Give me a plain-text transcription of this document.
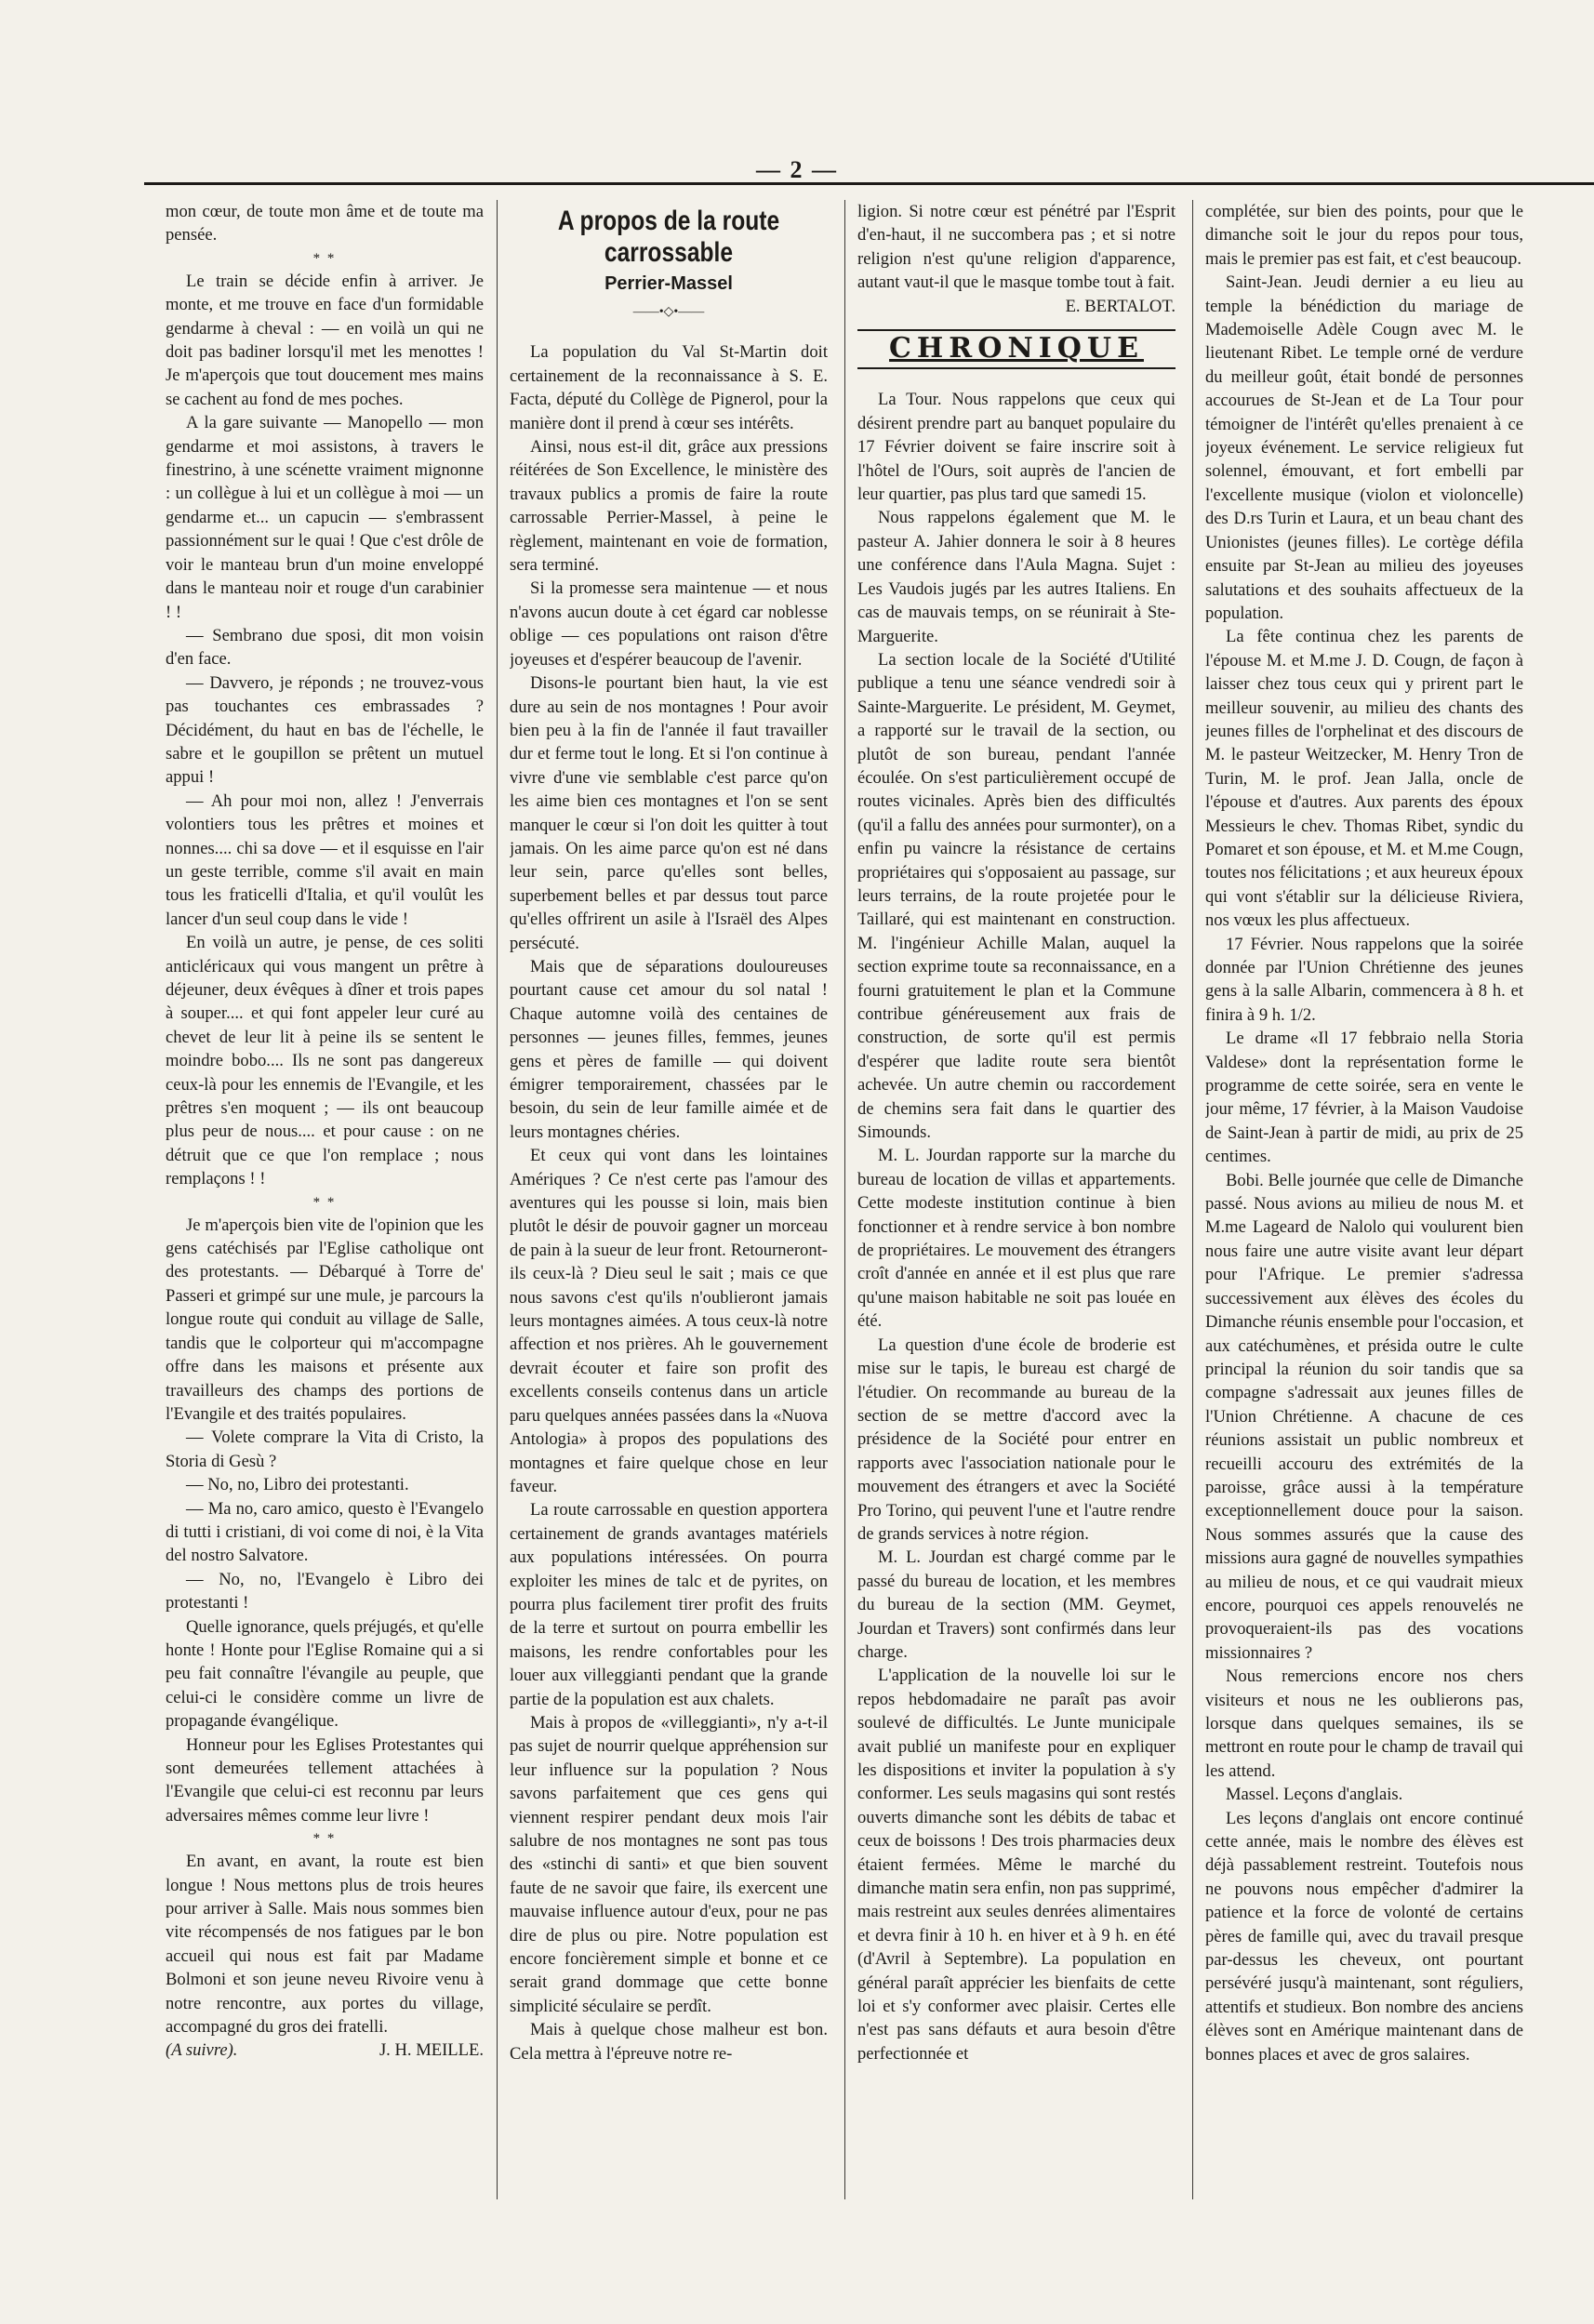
— 2 —

mon cœur, de toute mon âme et de toute ma pensée.

* *

Le train se décide enfin à arriver. Je monte, et me trouve en face d'un formidable gendarme à cheval : — en voilà un qui ne doit pas badiner lorsqu'il met les menottes ! Je m'aperçois que tout doucement mes mains se cachent au fond de mes poches.

A la gare suivante — Manopello — mon gendarme et moi assistons, à travers le finestrino, à une scénette vraiment mignonne : un collègue à lui et un collègue à moi — un gendarme et... un capucin — s'embrassent passionnément sur le quai ! Que c'est drôle de voir le manteau brun d'un moine enveloppé dans le manteau noir et rouge d'un carabinier ! !

— Sembrano due sposi, dit mon voisin d'en face.

— Davvero, je réponds ; ne trouvez-vous pas touchantes ces embrassades ? Décidément, du haut en bas de l'échelle, le sabre et le goupillon se prêtent un mutuel appui !

— Ah pour moi non, allez ! J'enverrais volontiers tous les prêtres et moines et nonnes.... chi sa dove — et il esquisse en l'air un geste terrible, comme s'il avait en main tous les fraticelli d'Italia, et qu'il voulût les lancer d'un seul coup dans le vide !

En voilà un autre, je pense, de ces soliti anticléricaux qui vous mangent un prêtre à déjeuner, deux évêques à dîner et trois papes à souper.... et qui font appeler leur curé au chevet de leur lit à peine ils se sentent le moindre bobo.... Ils ne sont pas dangereux ceux-là pour les ennemis de l'Evangile, et les prêtres s'en moquent ; — ils ont beaucoup plus peur de nous.... et pour cause : on ne détruit que ce que l'on remplace ; nous remplaçons ! !

* *

Je m'aperçois bien vite de l'opinion que les gens catéchisés par l'Eglise catholique ont des protestants. — Débarqué à Torre de' Passeri et grimpé sur une mule, je parcours la longue route qui conduit au village de Salle, tandis que le colporteur qui m'accompagne offre dans les maisons et présente aux travailleurs des champs des portions de l'Evangile et des traités populaires.

— Volete comprare la Vita di Cristo, la Storia di Gesù ?

— No, no, Libro dei protestanti.

— Ma no, caro amico, questo è l'Evangelo di tutti i cristiani, di voi come di noi, è la Vita del nostro Salvatore.

— No, no, l'Evangelo è Libro dei protestanti !

Quelle ignorance, quels préjugés, et qu'elle honte ! Honte pour l'Eglise Romaine qui a si peu fait connaître l'évangile au peuple, que celui-ci le considère comme un livre de propagande évangélique.

Honneur pour les Eglises Protestantes qui sont demeurées tellement attachées à l'Evangile que celui-ci est reconnu par leurs adversaires mêmes comme leur livre !

* *

En avant, en avant, la route est bien longue ! Nous mettons plus de trois heures pour arriver à Salle. Mais nous sommes bien vite récompensés de nos fatigues par le bon accueil qui nous est fait par Madame Bolmoni et son jeune neveu Rivoire venu à notre rencontre, aux portes du village, accompagné du gros dei fratelli.

(A suivre).	J. H. MEILLE.
A propos de la route carrossable
Perrier-Massel
——•◇•——

La population du Val St-Martin doit certainement de la reconnaissance à S. E. Facta, député du Collège de Pignerol, pour la manière dont il prend à cœur ses intérêts.

Ainsi, nous est-il dit, grâce aux pressions réitérées de Son Excellence, le ministère des travaux publics a promis de faire la route carrossable Perrier-Massel, à peine le règlement, maintenant en voie de formation, sera terminé.

Si la promesse sera maintenue — et nous n'avons aucun doute à cet égard car noblesse oblige — ces populations ont raison d'être joyeuses et d'espérer beaucoup de l'avenir.

Disons-le pourtant bien haut, la vie est dure au sein de nos montagnes ! Pour avoir bien peu à la fin de l'année il faut travailler dur et ferme tout le long. Et si l'on continue à vivre d'une vie semblable c'est parce qu'on les aime bien ces montagnes et l'on se sent manquer le cœur si l'on doit les quitter à tout jamais. On les aime parce qu'on est né dans leur sein, parce qu'elles sont belles, superbement belles et par dessus tout parce qu'elles offrirent un asile à l'Israël des Alpes persécuté.

Mais que de séparations douloureuses pourtant cause cet amour du sol natal ! Chaque automne voilà des centaines de personnes — jeunes filles, femmes, jeunes gens et pères de famille — qui doivent émigrer temporairement, chassées par le besoin, du sein de leur famille aimée et de leurs montagnes chéries.

Et ceux qui vont dans les lointaines Amériques ? Ce n'est certe pas l'amour des aventures qui les pousse si loin, mais bien plutôt le désir de pouvoir gagner un morceau de pain à la sueur de leur front. Retourneront-ils ceux-là ? Dieu seul le sait ; mais ce que nous savons c'est qu'ils n'oublieront jamais leurs montagnes aimées. A tous ceux-là notre affection et nos prières. Ah le gouvernement devrait écouter et faire son profit des excellents conseils contenus dans un article paru quelques années passées dans la «Nuova Antologia» à propos des populations des montagnes et faire quelque chose en leur faveur.

La route carrossable en question apportera certainement de grands avantages matériels aux populations intéressées. On pourra exploiter les mines de talc et de pyrites, on pourra plus facilement tirer profit des fruits de la terre et surtout on pourra embellir les maisons, les rendre confortables pour les louer aux villeggianti pendant que la grande partie de la population est aux chalets.

Mais à propos de «villeggianti», n'y a-t-il pas sujet de nourrir quelque appréhension sur leur influence sur la population ? Nous savons parfaitement que ces gens qui viennent respirer pendant deux mois l'air salubre de nos montagnes ne sont pas tous des «stinchi di santi» et que bien souvent faute de ne savoir que faire, ils exercent une mauvaise influence autour d'eux, pour ne pas dire de plus ou pire. Notre population est encore foncièrement simple et bonne et ce serait grand dommage que cette bonne simplicité séculaire se perdît.

Mais à quelque chose malheur est bon. Cela mettra à l'épreuve notre re-

ligion. Si notre cœur est pénétré par l'Esprit d'en-haut, il ne succombera pas ; et si notre religion n'est qu'une religion d'apparence, autant vaut-il que le masque tombe tout à fait.

E. BERTALOT.

CHRONIQUE

La Tour. Nous rappelons que ceux qui désirent prendre part au banquet populaire du 17 Février doivent se faire inscrire soit à l'hôtel de l'Ours, soit auprès de l'ancien de leur quartier, pas plus tard que samedi 15.

Nous rappelons également que M. le pasteur A. Jahier donnera le soir à 8 heures une conférence dans l'Aula Magna. Sujet : Les Vaudois jugés par les autres Italiens. En cas de mauvais temps, on se réunirait à Ste-Marguerite.

La section locale de la Société d'Utilité publique a tenu une séance vendredi soir à Sainte-Marguerite. Le président, M. Geymet, a rapporté sur le travail de la section, ou plutôt de son bureau, pendant l'année écoulée. On s'est particulièrement occupé de routes vicinales. Après bien des difficultés (qu'il a fallu des années pour surmonter), on a enfin pu vaincre la résistance de certains propriétaires qui s'opposaient au passage, sur leurs terrains, de la route projetée pour le Taillaré, qui est maintenant en construction. M. l'ingénieur Achille Malan, auquel la section exprime toute sa reconnaissance, en a fourni gratuitement le plan et la Commune contribue généreusement aux frais de construction, de sorte qu'il est permis d'espérer que ladite route sera bientôt achevée. Un autre chemin ou raccordement de chemins sera fait dans le quartier des Simounds.

M. L. Jourdan rapporte sur la marche du bureau de location de villas et appartements. Cette modeste institution continue à bien fonctionner et à rendre service à bon nombre de propriétaires. Le mouvement des étrangers croît d'année en année et il est plus que rare qu'une maison habitable ne soit pas louée en été.

La question d'une école de broderie est mise sur le tapis, le bureau est chargé de l'étudier. On recommande au bureau de la section de se mettre d'accord avec la présidence de la Société pour entrer en rapports avec l'association nationale pour le mouvement des étrangers et avec la Société Pro Torino, qui peuvent l'une et l'autre rendre de grands services à notre région.

M. L. Jourdan est chargé comme par le passé du bureau de location, et les membres du bureau de la section (MM. Geymet, Jourdan et Travers) sont confirmés dans leur charge.

L'application de la nouvelle loi sur le repos hebdomadaire ne paraît pas avoir soulevé de difficultés. Le Junte municipale avait publié un manifeste pour en expliquer les dispositions et inviter la population à s'y conformer. Les seuls magasins qui sont restés ouverts dimanche sont les débits de tabac et ceux de boissons ! Des trois pharmacies deux étaient fermées. Même le marché du dimanche matin sera enfin, non pas supprimé, mais restreint aux seules denrées alimentaires et devra finir à 10 h. en hiver et à 9 h. en été (d'Avril à Septembre). La population en général paraît apprécier les bienfaits de cette loi et s'y conformer avec plaisir. Certes elle n'est pas sans défauts et aura besoin d'être perfectionnée et

complétée, sur bien des points, pour que le dimanche soit le jour du repos pour tous, mais le premier pas est fait, et c'est beaucoup.

Saint-Jean. Jeudi dernier a eu lieu au temple la bénédiction du mariage de Mademoiselle Adèle Cougn avec M. le lieutenant Ribet. Le temple orné de verdure du meilleur goût, était bondé de personnes accourues de St-Jean et de La Tour pour témoigner de l'intérêt qu'elles prenaient à ce joyeux événement. Le service religieux fut solennel, émouvant, et fort embelli par l'excellente musique (violon et violoncelle) des D.rs Turin et Laura, et un beau chant des Unionistes (jeunes filles). Le cortège défila ensuite par St-Jean au milieu des joyeuses salutations et des souhaits affectueux de la population.

La fête continua chez les parents de l'épouse M. et M.me J. D. Cougn, de façon à laisser chez tous ceux qui y prirent part le meilleur souvenir, au milieu des chants des jeunes filles de l'orphelinat et des discours de M. le pasteur Weitzecker, M. Henry Tron de Turin, M. le prof. Jean Jalla, oncle de l'épouse et d'autres. Aux parents des époux Messieurs le chev. Thomas Ribet, syndic du Pomaret et son épouse, et M. et M.me Cougn, toutes nos félicitations ; et aux heureux époux qui vont s'établir sur la délicieuse Riviera, nos vœux les plus affectueux.

17 Février. Nous rappelons que la soirée donnée par l'Union Chrétienne des jeunes gens à la salle Albarin, commencera à 8 h. et finira à 9 h. 1/2.

Le drame «Il 17 febbraio nella Storia Valdese» dont la représentation forme le programme de cette soirée, sera en vente le jour même, 17 février, à la Maison Vaudoise de Saint-Jean à partir de midi, au prix de 25 centimes.

Bobi. Belle journée que celle de Dimanche passé. Nous avions au milieu de nous M. et M.me Lageard de Nalolo qui voulurent bien nous faire une autre visite avant leur départ pour l'Afrique. Le premier s'adressa successivement aux élèves des écoles du Dimanche réunis ensemble pour l'occasion, et aux catéchumènes, et présida outre le culte principal la réunion du soir tandis que sa compagne s'adressait aux jeunes filles de l'Union Chrétienne. A chacune de ces réunions assistait un public nombreux et recueilli accouru des extrémités de la paroisse, grâce aussi à la température exceptionnellement douce pour la saison. Nous sommes assurés que la cause des missions aura gagné de nouvelles sympathies au milieu de nous, et ce qui vaudrait mieux encore, pourquoi ces appels renouvelés ne provoqueraient-ils pas des vocations missionnaires ?

Nous remercions encore nos chers visiteurs et nous ne les oublierons pas, lorsque dans quelques semaines, ils se mettront en route pour le champ de travail qui les attend.

Massel. Leçons d'anglais.

Les leçons d'anglais ont encore continué cette année, mais le nombre des élèves est déjà passablement restreint. Toutefois nous ne pouvons nous empêcher d'admirer la patience et la force de volonté de certains pères de famille qui, avec du travail presque par-dessus les cheveux, ont pourtant persévéré jusqu'à maintenant, sont réguliers, attentifs et studieux. Bon nombre des anciens élèves sont en Amérique maintenant dans de bonnes places et avec de gros salaires.
